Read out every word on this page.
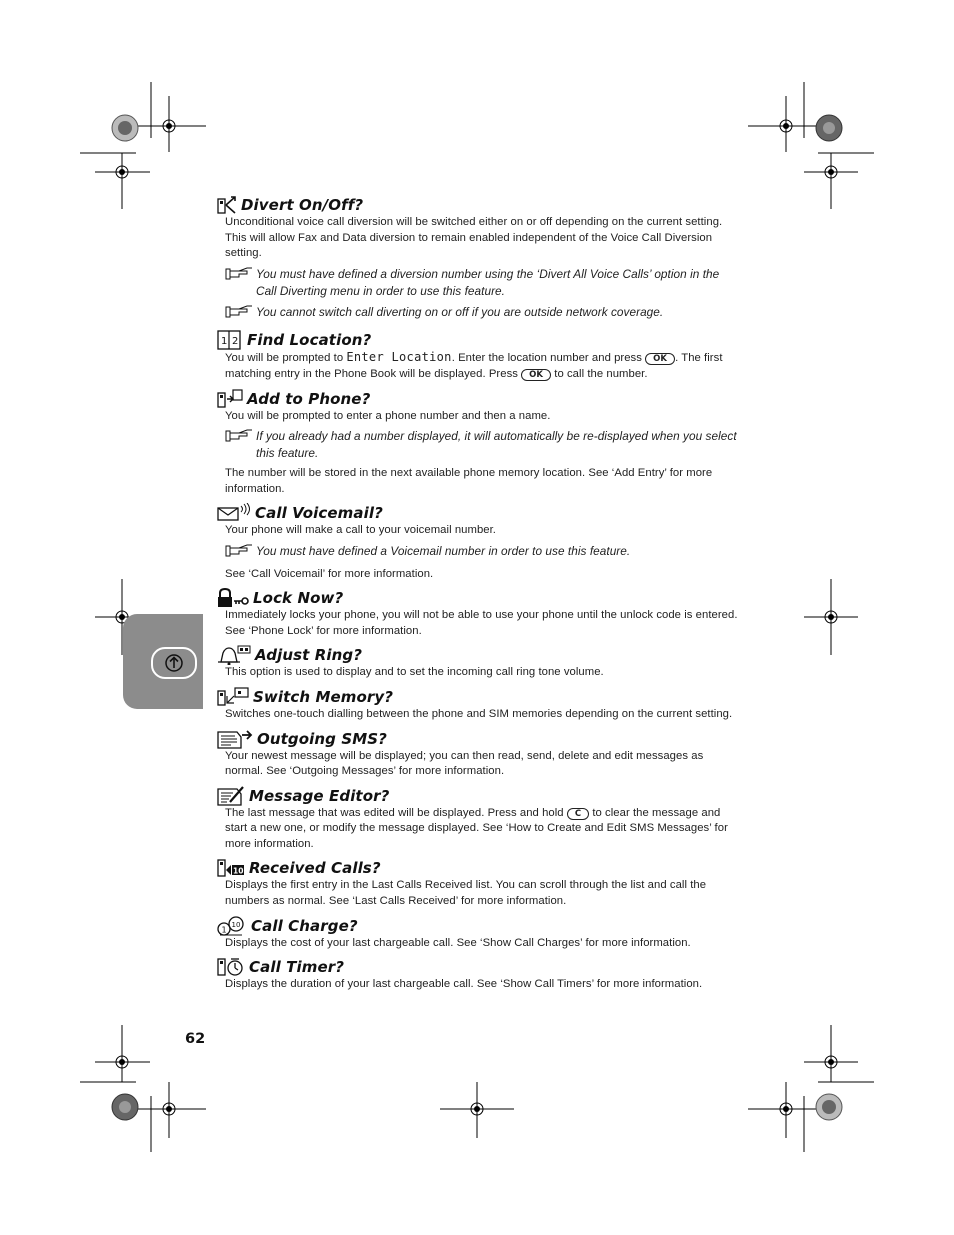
Divert On/Off?

Unconditional voice call diversion will be switched either on or off depending on the current setting. This will allow Fax and Data diversion to remain enabled independent of the Voice Call Diversion setting.

You must have defined a diversion number using the ‘Divert All Voice Calls’ option in the Call Diverting menu in order to use this feature.
You cannot switch call diverting on or off if you are outside network coverage.
1 2 Find Location?

You will be prompted to Enter Location. Enter the location number and press OK . The first matching entry in the Phone Book will be displayed. Press OK to call the number.

Add to Phone?

You will be prompted to enter a phone number and then a name.

If you already had a number displayed, it will automatically be re-displayed when you select this feature.

The number will be stored in the next available phone memory location. See ‘Add Entry’ for more information.

Call Voicemail?

Your phone will make a call to your voicemail number.

You must have defined a Voicemail number in order to use this feature.

See ‘Call Voicemail’ for more information.

Lock Now?

Immediately locks your phone, you will not be able to use your phone until the unlock code is entered. See ‘Phone Lock’ for more information.

Adjust Ring?

This option is used to display and to set the incoming call ring tone volume.

Switch Memory?

Switches one-touch dialling between the phone and SIM memories depending on the current setting.

Outgoing SMS?

Your newest message will be displayed; you can then read, send, delete and edit messages as normal. See ‘Outgoing Messages’ for more information.

Message Editor?

The last message that was edited will be displayed. Press and hold C to clear the message and start a new one, or modify the message displayed. See ‘How to Create and Edit SMS Messages’ for more information.

10 Received Calls?

Displays the first entry in the Last Calls Received list. You can scroll through the list and call the numbers as normal. See ‘Last Calls Received’ for more information.

1
10 Call Charge?

Displays the cost of your last chargeable call. See ‘Show Call Charges’ for more information.

Call Timer?

Displays the duration of your last chargeable call. See ‘Show Call Timers’ for more information.

62
